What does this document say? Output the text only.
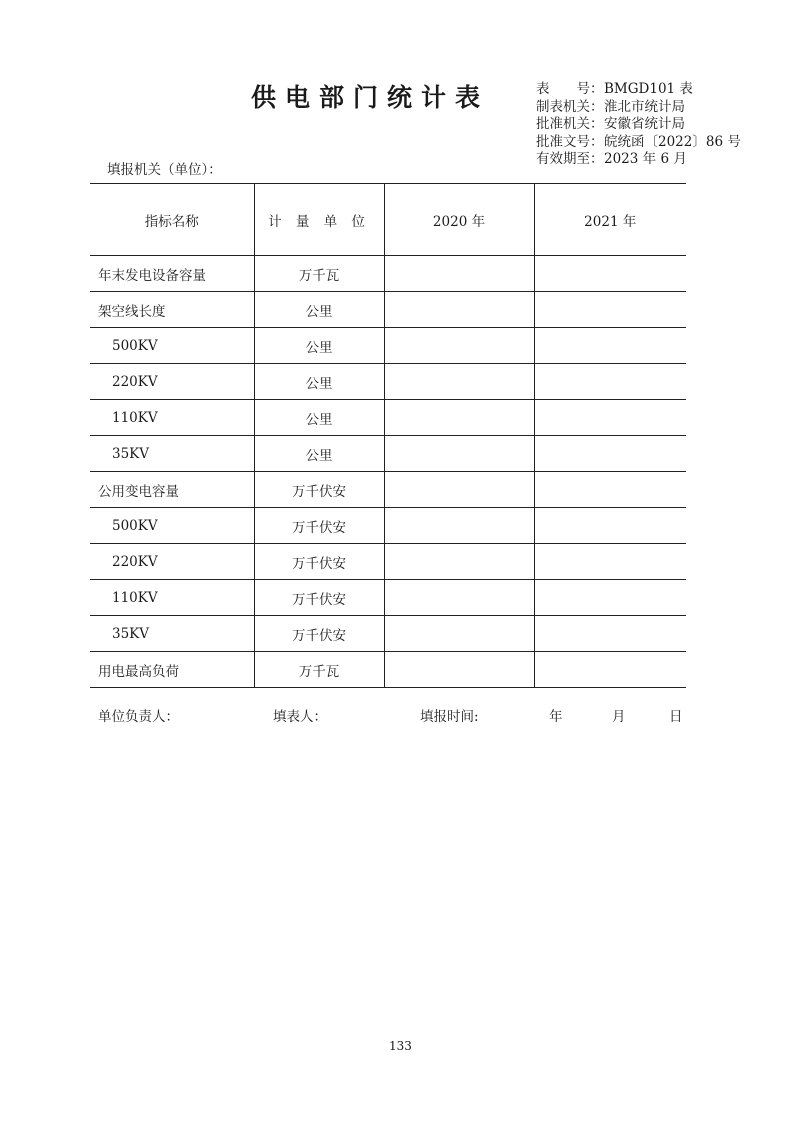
供电部门统计表	表　　号： BMGD101 表
制表机关： 淮北市统计局
批准机关： 安徽省统计局
批准文号： 皖统函〔2022〕86 号
有效期至： 2023 年 6 月
填报机关（单位）：
指标名称	计 量 单 位	2020 年	2021 年
年末发电设备容量	万千瓦		
架空线长度	公里		
500KV	公里		
220KV	公里		
110KV	公里		
35KV	公里		
公用变电容量	万千伏安		
500KV	万千伏安		
220KV	万千伏安		
110KV	万千伏安		
35KV	万千伏安		
用电最高负荷	万千瓦		
单位负责人：	填表人：	填报时间:	年	月	日
133
